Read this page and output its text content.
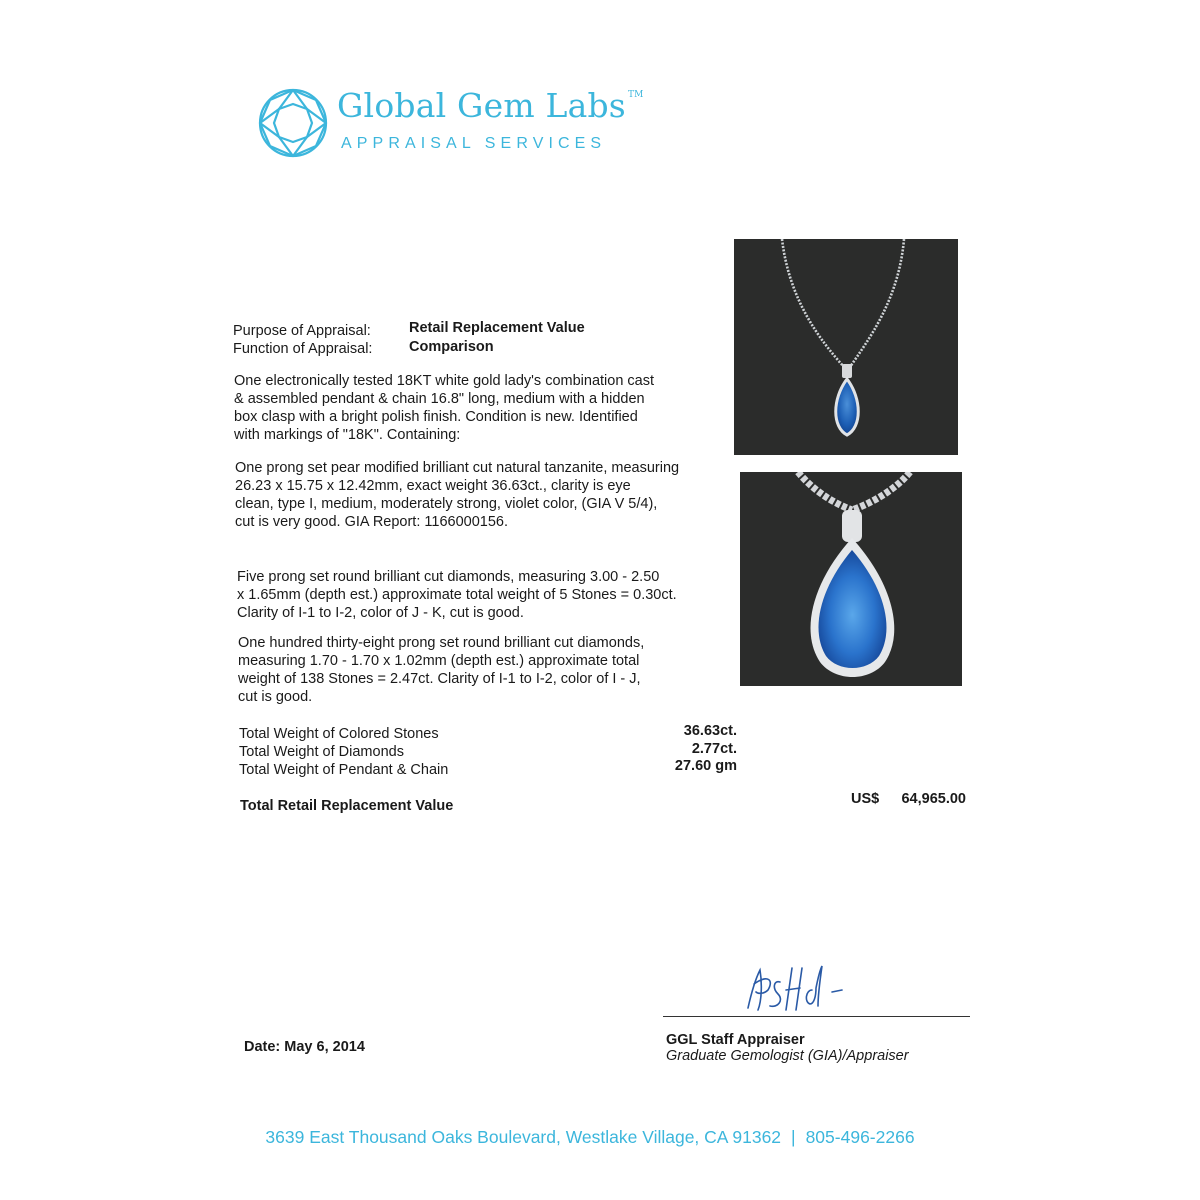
Global Gem Labs ™
APPRAISAL SERVICES
Purpose of Appraisal:	Retail Replacement Value
Function of Appraisal:	Comparison
One electronically tested 18KT white gold lady's combination cast
& assembled pendant & chain 16.8" long, medium with a hidden
box clasp with a bright polish finish. Condition is new. Identified
with markings of "18K". Containing:
One prong set pear modified brilliant cut natural tanzanite, measuring
26.23 x 15.75 x 12.42mm, exact weight 36.63ct., clarity is eye
clean, type I, medium, moderately strong, violet color, (GIA V 5/4),
cut is very good. GIA Report: 1166000156.
Five prong set round brilliant cut diamonds, measuring 3.00 - 2.50
x 1.65mm (depth est.) approximate total weight of 5 Stones = 0.30ct.
Clarity of I-1 to I-2, color of J - K, cut is good.
One hundred thirty-eight prong set round brilliant cut diamonds,
measuring 1.70 - 1.70 x 1.02mm (depth est.) approximate total
weight of 138 Stones = 2.47ct. Clarity of I-1 to I-2, color of I - J,
cut is good.
Total Weight of Colored Stones	36.63ct.
Total Weight of Diamonds	2.77ct.
Total Weight of Pendant & Chain	27.60 gm
Total Retail Replacement Value	US$	64,965.00
Date: May 6, 2014	GGL Staff Appraiser
Graduate Gemologist (GIA)/Appraiser
3639 East Thousand Oaks Boulevard, Westlake Village, CA 91362 | 805-496-2266
